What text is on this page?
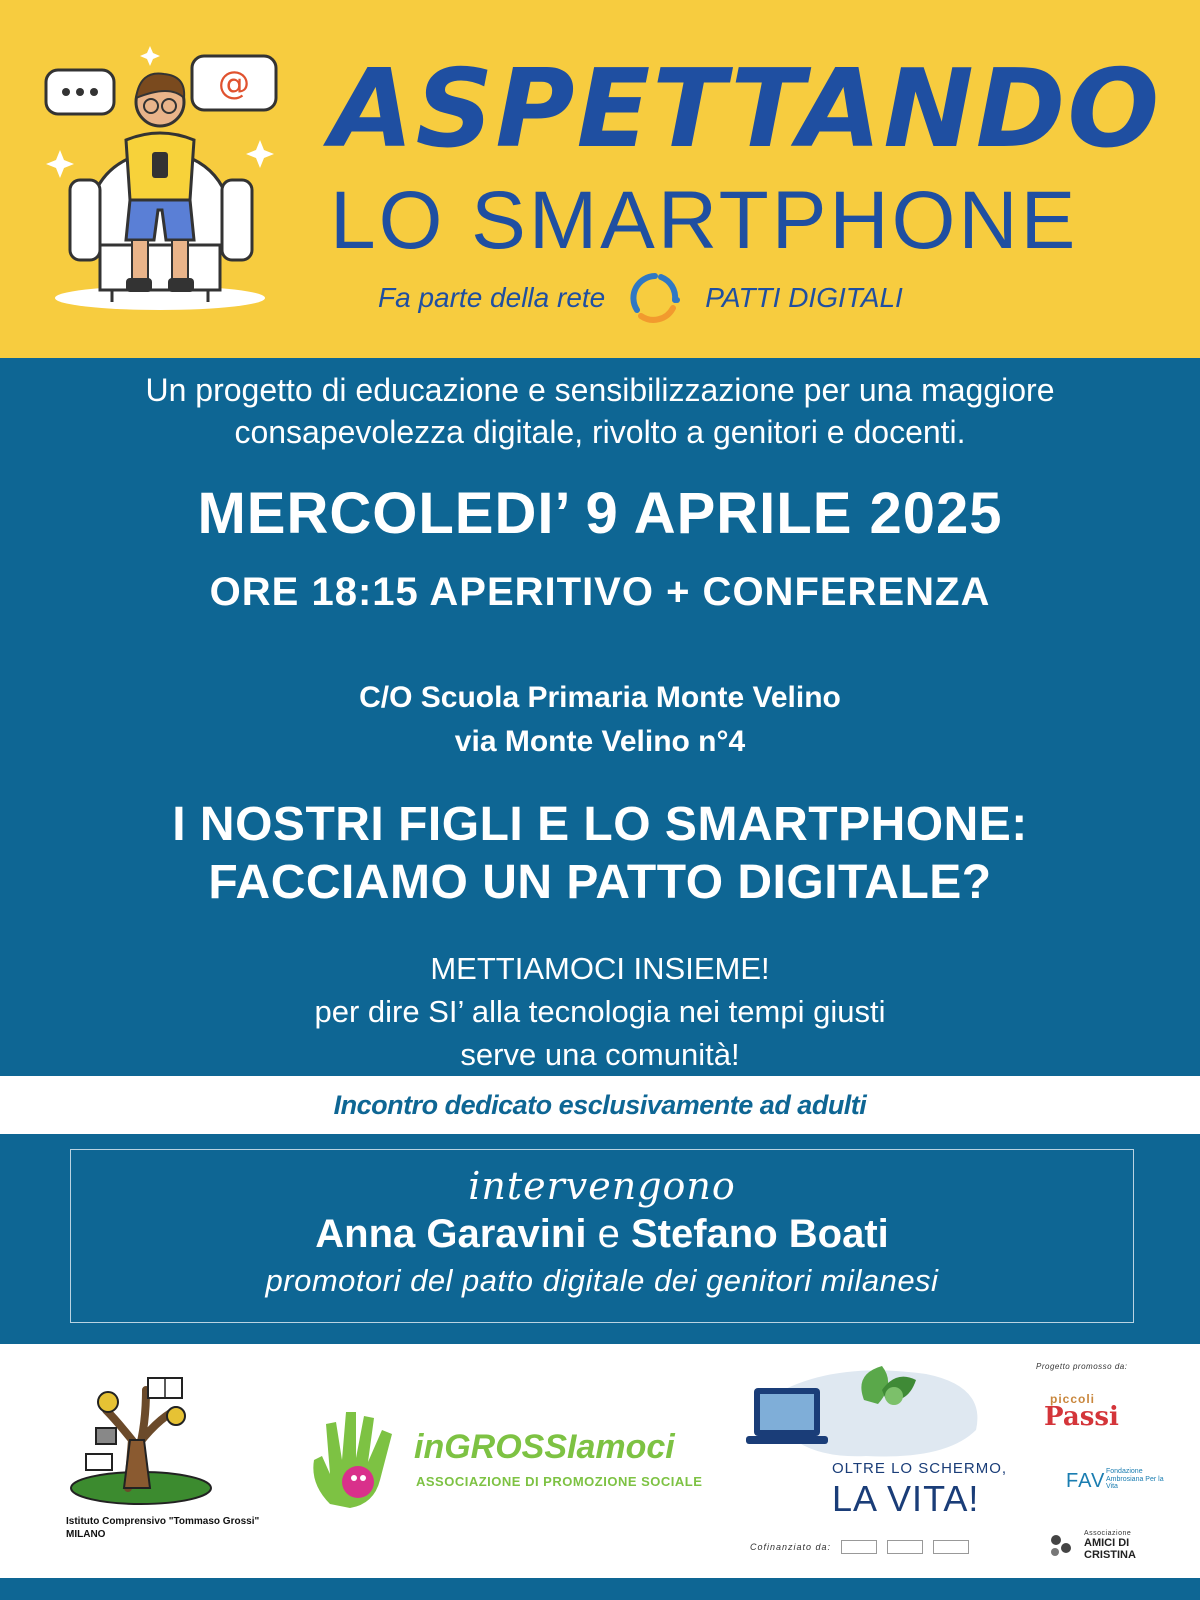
@ ASPETTANDO
LO SMARTPHONE
Fa parte della rete	PATTI DIGITALI
Un progetto di educazione e sensibilizzazione per una maggiore consapevolezza digitale, rivolto a genitori e docenti.
MERCOLEDI’ 9 APRILE 2025
ORE 18:15 APERITIVO + CONFERENZA
C/O Scuola Primaria Monte Velino
via Monte Velino n°4
I NOSTRI FIGLI E LO SMARTPHONE:
FACCIAMO UN PATTO DIGITALE?
METTIAMOCI INSIEME!
per dire SI’ alla tecnologia nei tempi giusti
serve una comunità!
Incontro dedicato esclusivamente ad adulti
intervengono
Anna Garavini e Stefano Boati
promotori del patto digitale dei genitori milanesi
Istituto Comprensivo "Tommaso Grossi"
MILANO
inGROSSIamoci
ASSOCIAZIONE DI PROMOZIONE SOCIALE
OLTRE LO SCHERMO,
LA VITA!
Cofinanziato da:
Progetto promosso da:
piccoli
Passi
FAV Fondazione Ambrosiana Per la Vita
Associazione
AMICI DI CRISTINA
